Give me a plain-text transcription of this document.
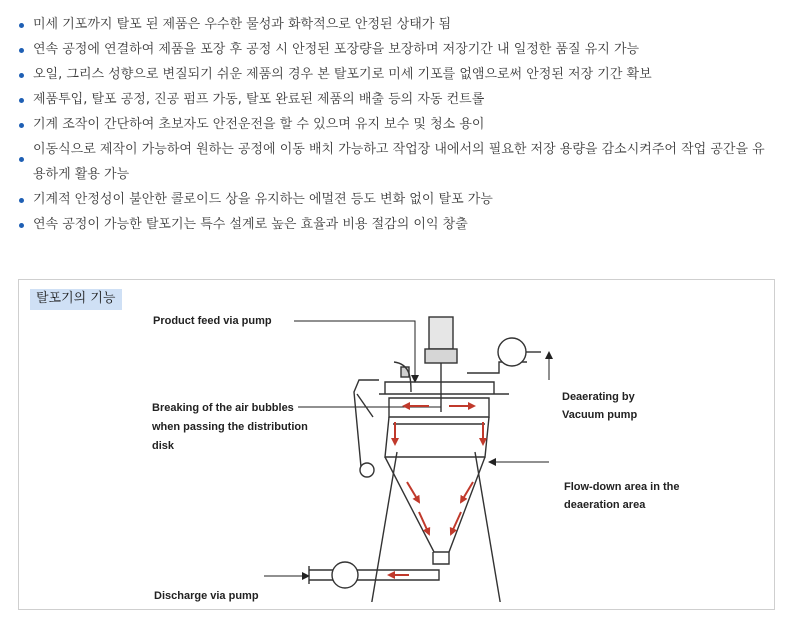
미세 기포까지 탈포 된 제품은 우수한 물성과 화학적으로 안정된 상태가 됨
연속 공정에 연결하여 제품을 포장 후 공정 시 안정된 포장량을 보장하며 저장기간 내 일정한 품질 유지 가능
오일, 그리스 성향으로 변질되기 쉬운 제품의 경우 본 탈포기로 미세 기포를 없앰으로써 안정된 저장 기간 확보
제품투입, 탈포 공정, 진공 펌프 가동, 탈포 완료된 제품의 배출 등의 자동 컨트롤
기계 조작이 간단하여 초보자도 안전운전을 할 수 있으며 유지 보수 및 청소 용이
이동식으로 제작이 가능하여 원하는 공정에 이동 배치 가능하고 작업장 내에서의 필요한 저장 용량을 감소시켜주어 작업 공간을 유용하게 활용 가능
기계적 안정성이 불안한 콜로이드 상을 유지하는 에멀젼 등도 변화 없이 탈포 가능
연속 공정이 가능한 탈포기는 특수 설계로 높은 효율과 비용 절감의 이익 창출
탈포기의 기능
Product feed via pump
Breaking of the air bubbles when passing the distribution disk
Deaerating by Vacuum pump
Flow-down area in the deaeration area
Discharge via pump
